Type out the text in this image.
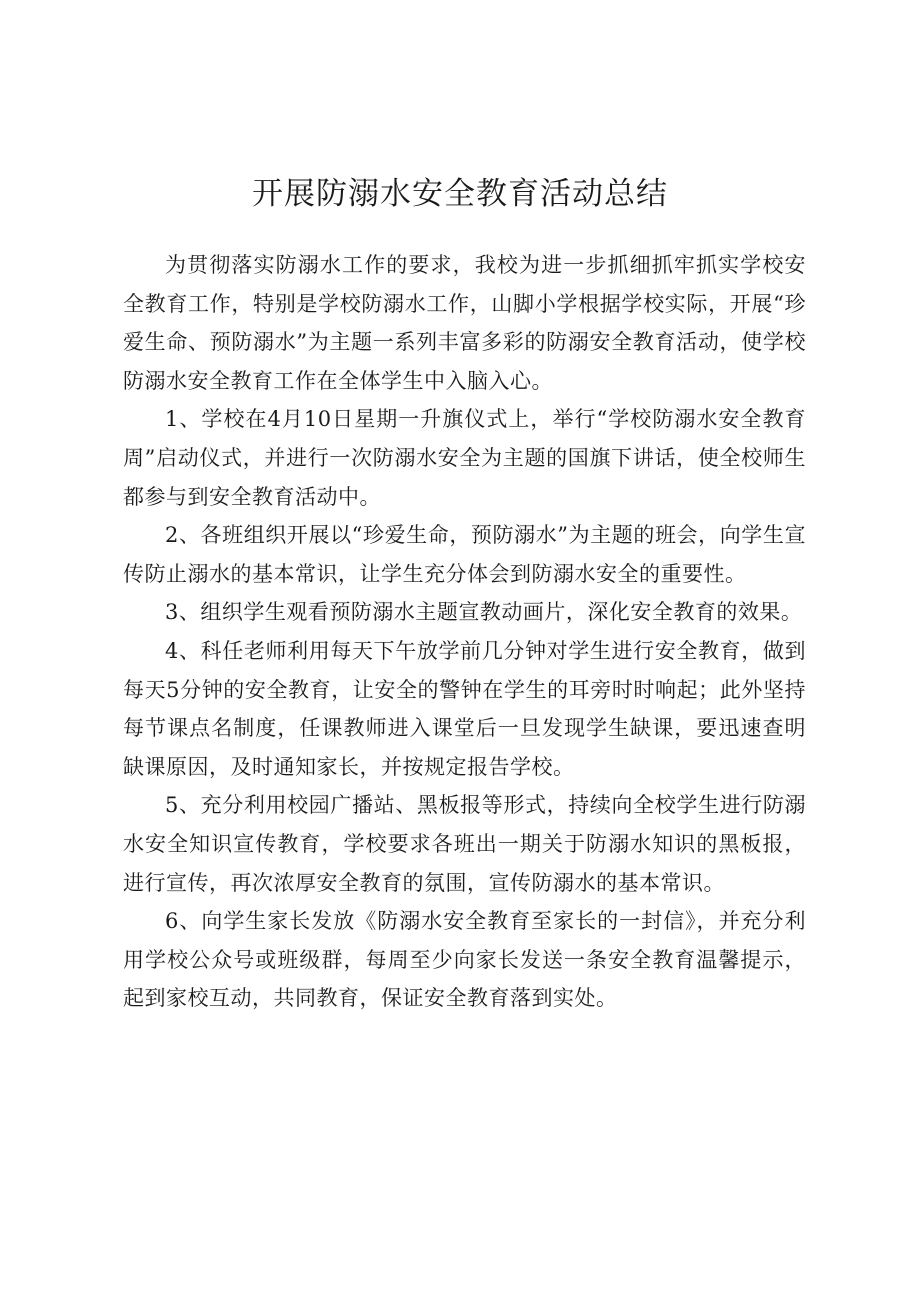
开展防溺水安全教育活动总结

为贯彻落实防溺水工作的要求，我校为进一步抓细抓牢抓实学校安全教育工作，特别是学校防溺水工作，山脚小学根据学校实际，开展“珍爱生命、预防溺水”为主题一系列丰富多彩的防溺安全教育活动，使学校防溺水安全教育工作在全体学生中入脑入心。

1、学校在4月10日星期一升旗仪式上，举行“学校防溺水安全教育周”启动仪式，并进行一次防溺水安全为主题的国旗下讲话，使全校师生都参与到安全教育活动中。

2、各班组织开展以“珍爱生命，预防溺水”为主题的班会，向学生宣传防止溺水的基本常识，让学生充分体会到防溺水安全的重要性。

3、组织学生观看预防溺水主题宣教动画片，深化安全教育的效果。

4、科任老师利用每天下午放学前几分钟对学生进行安全教育，做到每天5分钟的安全教育，让安全的警钟在学生的耳旁时时响起；此外坚持每节课点名制度，任课教师进入课堂后一旦发现学生缺课，要迅速查明缺课原因，及时通知家长，并按规定报告学校。

5、充分利用校园广播站、黑板报等形式，持续向全校学生进行防溺水安全知识宣传教育，学校要求各班出一期关于防溺水知识的黑板报，进行宣传，再次浓厚安全教育的氛围，宣传防溺水的基本常识。

6、向学生家长发放《防溺水安全教育至家长的一封信》，并充分利用学校公众号或班级群，每周至少向家长发送一条安全教育温馨提示，起到家校互动，共同教育，保证安全教育落到实处。
